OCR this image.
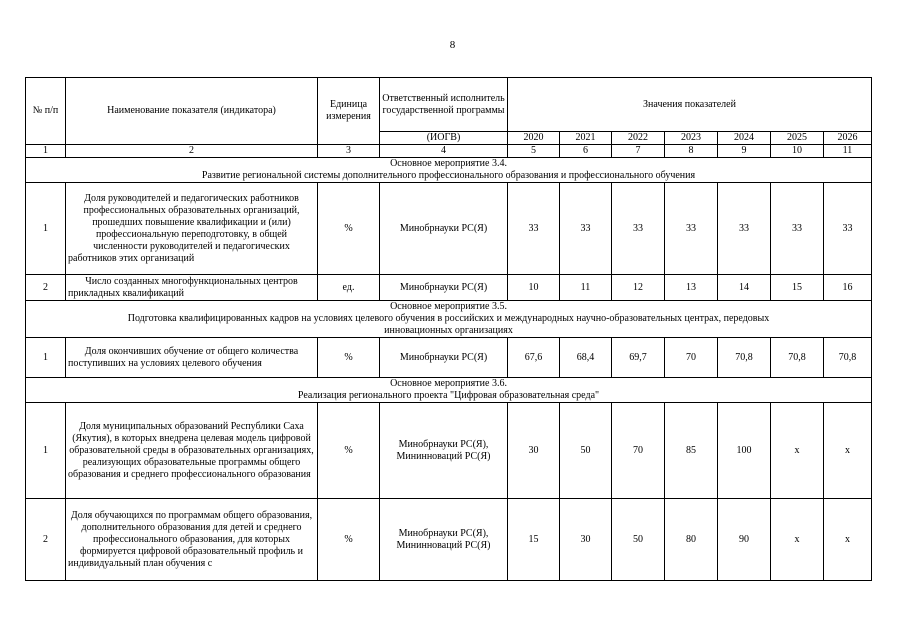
8
№ п/п	Наименование показателя (индикатора)	Единица измерения	Ответственный исполнитель государственной программы	Значения показателей						
			(ИОГВ)	2020	2021	2022	2023	2024	2025	2026
1	2	3	4	5	6	7	8	9	10	11

Основное мероприятие 3.4.
Развитие региональной системы дополнительного профессионального образования и профессионального обучения										

1	Доля руководителей и педагогических работников профессиональных образовательных организаций, прошедших повышение квалификации и (или) профессиональную переподготовку, в общей численности руководителей и педагогических работников этих организаций	%	Минобрнауки РС(Я)	33	33	33	33	33	33	33
2	Число созданных многофункциональных центров прикладных квалификаций	ед.	Минобрнауки РС(Я)	10	11	12	13	14	15	16

Основное мероприятие 3.5.
Подготовка квалифицированных кадров на условиях целевого обучения в российских и международных научно-образовательных центрах, передовых
инновационных организациях										

1	Доля окончивших обучение от общего количества поступивших на условиях целевого обучения	%	Минобрнауки РС(Я)	67,6	68,4	69,7	70	70,8	70,8	70,8

Основное мероприятие 3.6.
Реализация регионального проекта "Цифровая образовательная среда"										

1	Доля муниципальных образований Республики Саха (Якутия), в которых внедрена целевая модель цифровой образовательной среды в образовательных организациях, реализующих образовательные программы общего образования и среднего профессионального образования	%	Минобрнауки РС(Я),
Мининноваций РС(Я)	30	50	70	85	100	х	х
2	Доля обучающихся по программам общего образования, дополнительного образования для детей и среднего профессионального образования, для которых формируется цифровой образовательный профиль и индивидуальный план обучения с	%	Минобрнауки РС(Я),
Мининноваций РС(Я)	15	30	50	80	90	х	х
